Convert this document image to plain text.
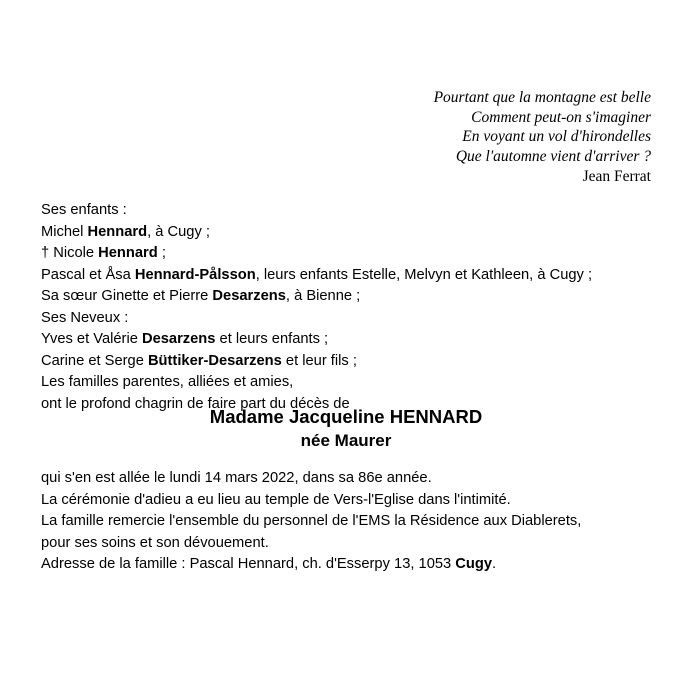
Pourtant que la montagne est belle
Comment peut-on s'imaginer
En voyant un vol d'hirondelles
Que l'automne vient d'arriver ?
Jean Ferrat
Ses enfants :
Michel Hennard, à Cugy ;
† Nicole Hennard ;
Pascal et Åsa Hennard-Pålsson, leurs enfants Estelle, Melvyn et Kathleen, à Cugy ;
Sa sœur Ginette et Pierre Desarzens, à Bienne ;
Ses Neveux :
Yves et Valérie Desarzens et leurs enfants ;
Carine et Serge Büttiker-Desarzens et leur fils ;
Les familles parentes, alliées et amies,
ont le profond chagrin de faire part du décès de
Madame Jacqueline HENNARD
née Maurer
qui s'en est allée le lundi 14 mars 2022, dans sa 86e année.
La cérémonie d'adieu a eu lieu au temple de Vers-l'Eglise dans l'intimité.
La famille remercie l'ensemble du personnel de l'EMS la Résidence aux Diablerets,
pour ses soins et son dévouement.
Adresse de la famille : Pascal Hennard, ch. d'Esserpy 13, 1053 Cugy.
